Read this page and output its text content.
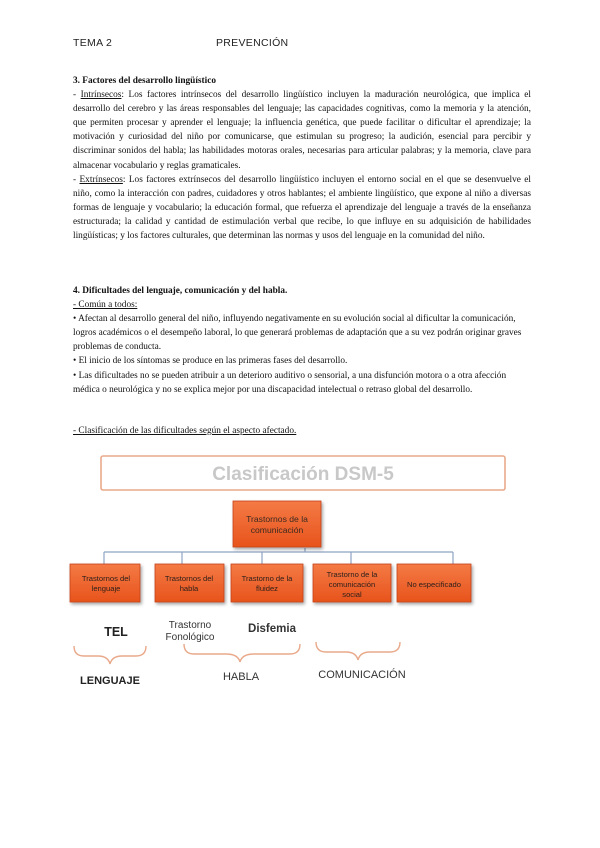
TEMA 2	PREVENCIÓN

3. Factores del desarrollo lingüístico

- Intrínsecos: Los factores intrínsecos del desarrollo lingüístico incluyen la maduración neurológica, que implica el desarrollo del cerebro y las áreas responsables del lenguaje; las capacidades cognitivas, como la memoria y la atención, que permiten procesar y aprender el lenguaje; la influencia genética, que puede facilitar o dificultar el aprendizaje; la motivación y curiosidad del niño por comunicarse, que estimulan su progreso; la audición, esencial para percibir y discriminar sonidos del habla; las habilidades motoras orales, necesarias para articular palabras; y la memoria, clave para almacenar vocabulario y reglas gramaticales.

- Extrínsecos: Los factores extrínsecos del desarrollo lingüístico incluyen el entorno social en el que se desenvuelve el niño, como la interacción con padres, cuidadores y otros hablantes; el ambiente lingüístico, que expone al niño a diversas formas de lenguaje y vocabulario; la educación formal, que refuerza el aprendizaje del lenguaje a través de la enseñanza estructurada; la calidad y cantidad de estimulación verbal que recibe, lo que influye en su adquisición de habilidades lingüísticas; y los factores culturales, que determinan las normas y usos del lenguaje en la comunidad del niño.

4. Dificultades del lenguaje, comunicación y del habla.

- Común a todos:

• Afectan al desarrollo general del niño, influyendo negativamente en su evolución social al dificultar la comunicación, logros académicos o el desempeño laboral, lo que generará problemas de adaptación que a su vez podrán originar graves problemas de conducta.

• El inicio de los síntomas se produce en las primeras fases del desarrollo.

• Las dificultades no se pueden atribuir a un deterioro auditivo o sensorial, a una disfunción motora o a otra afección médica o neurológica y no se explica mejor por una discapacidad intelectual o retraso global del desarrollo.

- Clasificación de las dificultades según el aspecto afectado.
Clasificación DSM-5
Trastornos de la
comunicación
Trastornos del
lenguaje
Trastornos del
habla
Trastorno de la
fluidez
Trastorno de la
comunicación
social
No especificado
TEL	Trastorno
Fonológico
Disfemia
LENGUAJE	HABLA	COMUNICACIÓN
